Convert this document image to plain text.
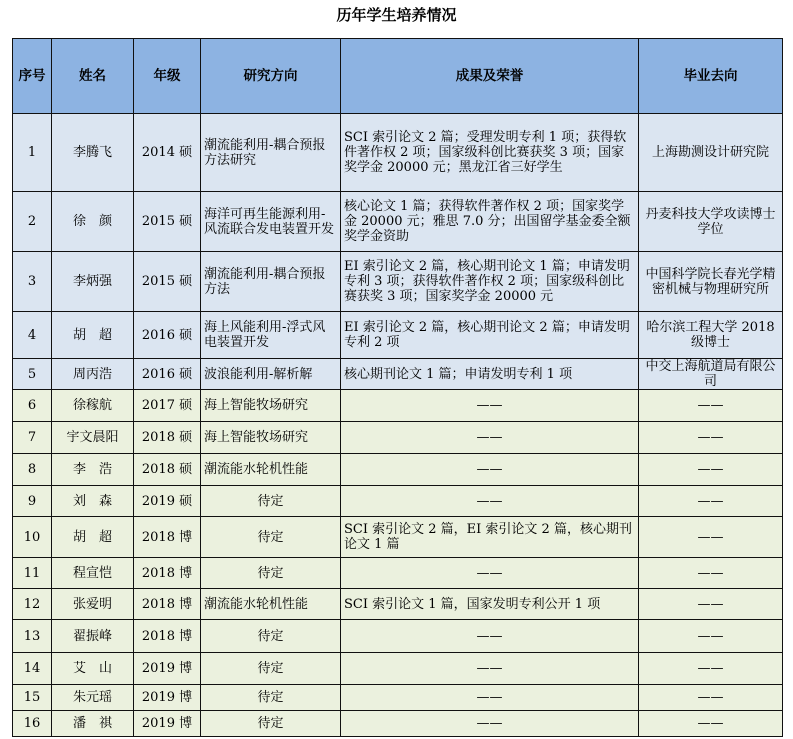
历年学生培养情况
序号	姓名	年级	研究方向	成果及荣誉	毕业去向
1	李腾飞	2014 硕	潮流能利用-耦合预报方法研究	SCI 索引论文 2 篇；受理发明专利 1 项；获得软件著作权 2 项；国家级科创比赛获奖 3 项；国家奖学金 20000 元；黑龙江省三好学生	上海勘测设计研究院
2	徐　颜	2015 硕	海洋可再生能源利用-风流联合发电装置开发	核心论文 1 篇；获得软件著作权 2 项；国家奖学金 20000 元；雅思 7.0 分；出国留学基金委全额奖学金资助	丹麦科技大学攻读博士学位
3	李炳强	2015 硕	潮流能利用-耦合预报方法	EI 索引论文 2 篇，核心期刊论文 1 篇；申请发明专利 3 项；获得软件著作权 2 项；国家级科创比赛获奖 3 项；国家奖学金 20000 元	中国科学院长春光学精密机械与物理研究所
4	胡　超	2016 硕	海上风能利用-浮式风电装置开发	EI 索引论文 2 篇，核心期刊论文 2 篇；申请发明专利 2 项	哈尔滨工程大学 2018 级博士
5	周丙浩	2016 硕	波浪能利用-解析解	核心期刊论文 1 篇；申请发明专利 1 项	中交上海航道局有限公司
6	徐稼航	2017 硕	海上智能牧场研究	——	——
7	宇文晨阳	2018 硕	海上智能牧场研究	——	——
8	李　浩	2018 硕	潮流能水轮机性能	——	——
9	刘　森	2019 硕	待定	——	——
10	胡　超	2018 博	待定	SCI 索引论文 2 篇，EI 索引论文 2 篇，核心期刊论文 1 篇	——
11	程宣恺	2018 博	待定	——	——
12	张爱明	2018 博	潮流能水轮机性能	SCI 索引论文 1 篇，国家发明专利公开 1 项	——
13	翟振峰	2018 博	待定	——	——
14	艾　山	2019 博	待定	——	——
15	朱元瑶	2019 博	待定	——	——
16	潘　祺	2019 博	待定	——	——
